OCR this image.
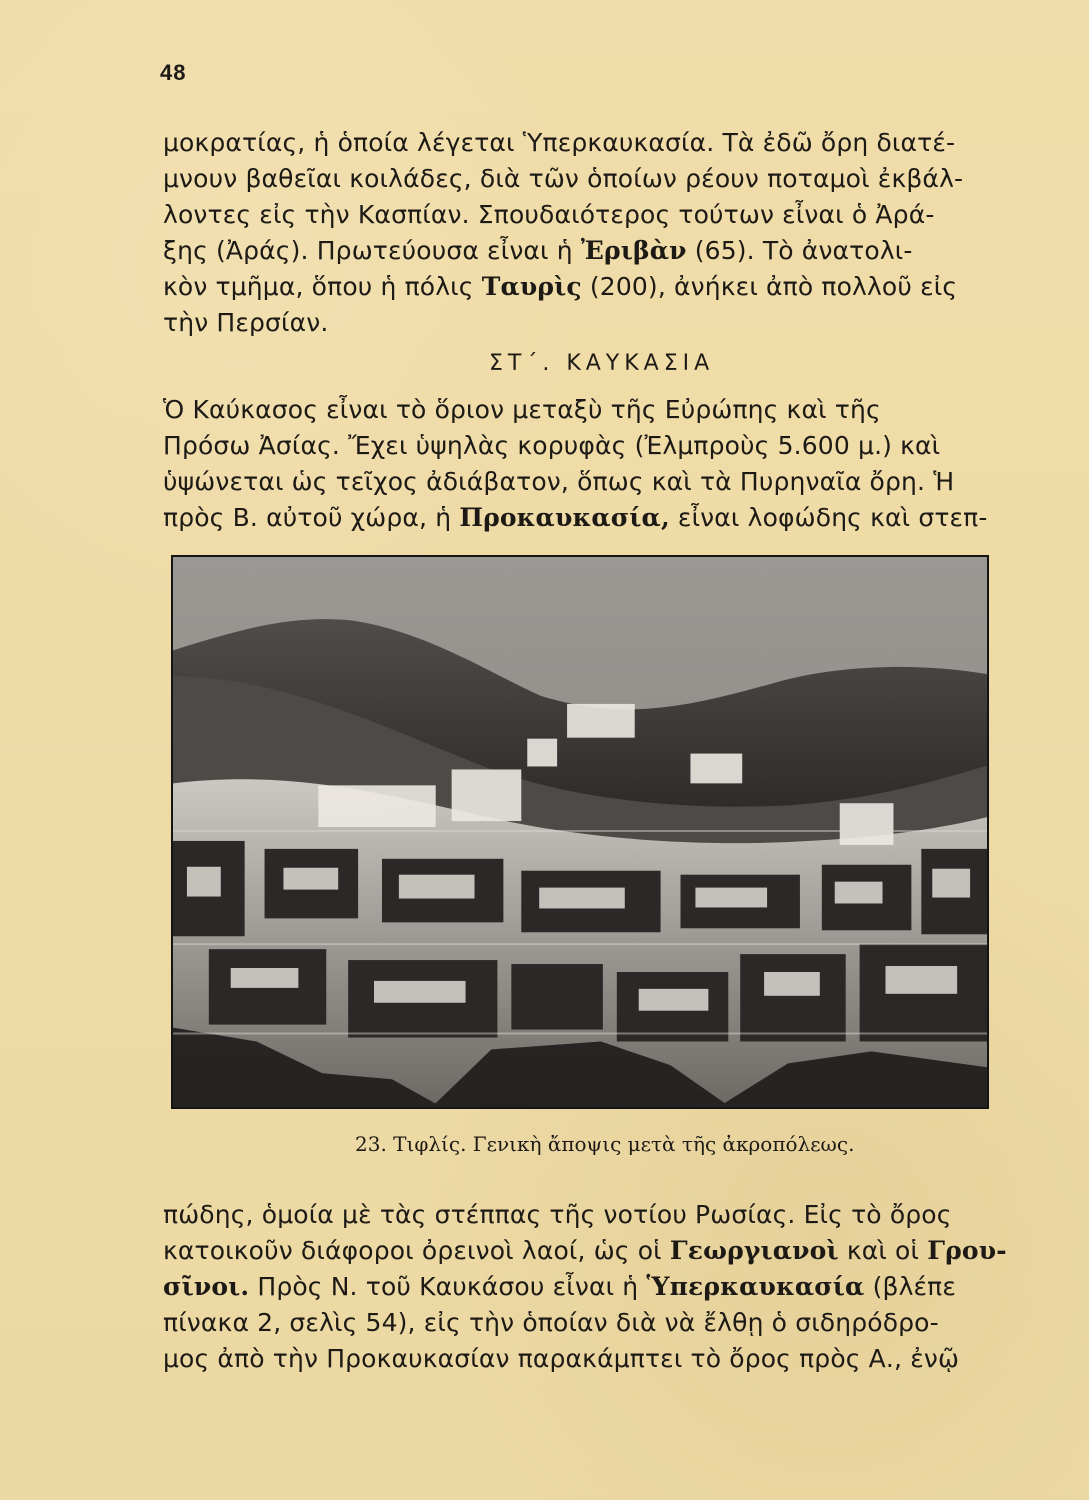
48
μοκρατίας, ἡ ὁποία λέγεται Ὑπερκαυκασία. Τὰ ἐδῶ ὄρη διατέ-
μνουν βαθεῖαι κοιλάδες, διὰ τῶν ὁποίων ρέουν ποταμοὶ ἐκβάλ-
λοντες εἰς τὴν Κασπίαν. Σπουδαιότερος τούτων εἶναι ὁ Ἀρά-
ξης (Ἀράς). Πρωτεύουσα εἶναι ἡ Ἐριβὰν (65). Τὸ ἀνατολι-
κὸν τμῆμα, ὅπου ἡ πόλις Ταυρὶς (200), ἀνήκει ἀπὸ πολλοῦ εἰς
τὴν Περσίαν.
ΣΤ΄. ΚΑΥΚΑΣΙΑ
Ὁ Καύκασος εἶναι τὸ ὅριον μεταξὺ τῆς Εὐρώπης καὶ τῆς
Πρόσω Ἀσίας. Ἔχει ὑψηλὰς κορυφὰς (Ἐλμπροὺς 5.600 μ.) καὶ
ὑψώνεται ὡς τεῖχος ἀδιάβατον, ὅπως καὶ τὰ Πυρηναῖα ὄρη. Ἡ
πρὸς Β. αὐτοῦ χώρα, ἡ Προκαυκασία, εἶναι λοφώδης καὶ στεπ-
23. Τιφλίς. Γενικὴ ἄποψις μετὰ τῆς ἀκροπόλεως.
πώδης, ὁμοία μὲ τὰς στέππας τῆς νοτίου Ρωσίας. Εἰς τὸ ὄρος
κατοικοῦν διάφοροι ὀρεινοὶ λαοί, ὡς οἱ Γεωργιανοὶ καὶ οἱ Γρου-
σῖνοι. Πρὸς Ν. τοῦ Καυκάσου εἶναι ἡ Ὑπερκαυκασία (βλέπε
πίνακα 2, σελὶς 54), εἰς τὴν ὁποίαν διὰ νὰ ἔλθῃ ὁ σιδηρόδρο-
μος ἀπὸ τὴν Προκαυκασίαν παρακάμπτει τὸ ὄρος πρὸς Α., ἐνῷ
